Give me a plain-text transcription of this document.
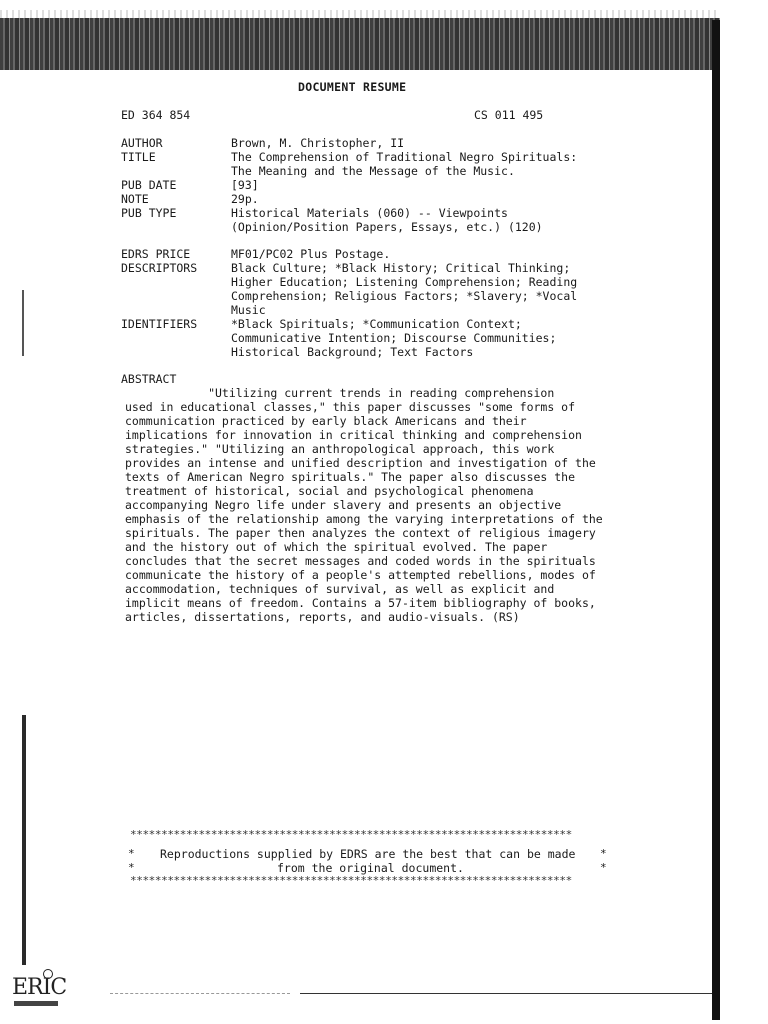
DOCUMENT RESUME
ED 364 854	CS 011 495
AUTHOR	Brown, M. Christopher, II
TITLE	The Comprehension of Traditional Negro Spirituals:
The Meaning and the Message of the Music.
PUB DATE	[93]
NOTE	29p.
PUB TYPE	Historical Materials (060) -- Viewpoints
(Opinion/Position Papers, Essays, etc.) (120)
EDRS PRICE	MF01/PC02 Plus Postage.
DESCRIPTORS	Black Culture; *Black History; Critical Thinking;
Higher Education; Listening Comprehension; Reading
Comprehension; Religious Factors; *Slavery; *Vocal
Music
IDENTIFIERS	*Black Spirituals; *Communication Context;
Communicative Intention; Discourse Communities;
Historical Background; Text Factors
ABSTRACT
"Utilizing current trends in reading comprehension
used in educational classes," this paper discusses "some forms of
communication practiced by early black Americans and their
implications for innovation in critical thinking and comprehension
strategies." "Utilizing an anthropological approach, this work
provides an intense and unified description and investigation of the
texts of American Negro spirituals." The paper also discusses the
treatment of historical, social and psychological phenomena
accompanying Negro life under slavery and presents an objective
emphasis of the relationship among the varying interpretations of the
spirituals. The paper then analyzes the context of religious imagery
and the history out of which the spiritual evolved. The paper
concludes that the secret messages and coded words in the spirituals
communicate the history of a people's attempted rebellions, modes of
accommodation, techniques of survival, as well as explicit and
implicit means of freedom. Contains a 57-item bibliography of books,
articles, dissertations, reports, and audio-visuals. (RS)
***********************************************************************
* Reproductions supplied by EDRS are the best that can be made *
*	from the original document.	*
***********************************************************************
ERIC
